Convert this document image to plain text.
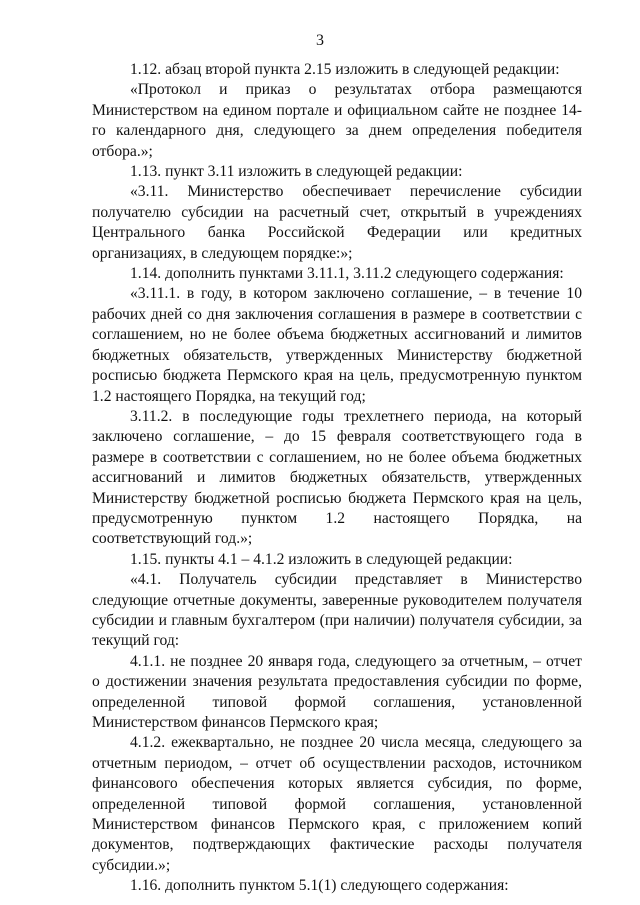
3

1.12. абзац второй пункта 2.15 изложить в следующей редакции:

«Протокол и приказ о результатах отбора размещаются Министерством на едином портале и официальном сайте не позднее 14-го календарного дня, следующего за днем определения победителя отбора.»;

1.13. пункт 3.11 изложить в следующей редакции:

«3.11. Министерство обеспечивает перечисление субсидии получателю субсидии на расчетный счет, открытый в учреждениях Центрального банка Российской Федерации или кредитных организациях, в следующем порядке:»;

1.14. дополнить пунктами 3.11.1, 3.11.2 следующего содержания:

«3.11.1. в году, в котором заключено соглашение, – в течение 10 рабочих дней со дня заключения соглашения в размере в соответствии с соглашением, но не более объема бюджетных ассигнований и лимитов бюджетных обязательств, утвержденных Министерству бюджетной росписью бюджета Пермского края на цель, предусмотренную пунктом 1.2 настоящего Порядка, на текущий год;

3.11.2. в последующие годы трехлетнего периода, на который заключено соглашение, – до 15 февраля соответствующего года в размере в соответствии с соглашением, но не более объема бюджетных ассигнований и лимитов бюджетных обязательств, утвержденных Министерству бюджетной росписью бюджета Пермского края на цель, предусмотренную пунктом 1.2 настоящего Порядка, на соответствующий год.»;

1.15. пункты 4.1 – 4.1.2 изложить в следующей редакции:

«4.1. Получатель субсидии представляет в Министерство следующие отчетные документы, заверенные руководителем получателя субсидии и главным бухгалтером (при наличии) получателя субсидии, за текущий год:

4.1.1. не позднее 20 января года, следующего за отчетным, – отчет о достижении значения результата предоставления субсидии по форме, определенной типовой формой соглашения, установленной Министерством финансов Пермского края;

4.1.2. ежеквартально, не позднее 20 числа месяца, следующего за отчетным периодом, – отчет об осуществлении расходов, источником финансового обеспечения которых является субсидия, по форме, определенной типовой формой соглашения, установленной Министерством финансов Пермского края, с приложением копий документов, подтверждающих фактические расходы получателя субсидии.»;

1.16. дополнить пунктом 5.1(1) следующего содержания:
